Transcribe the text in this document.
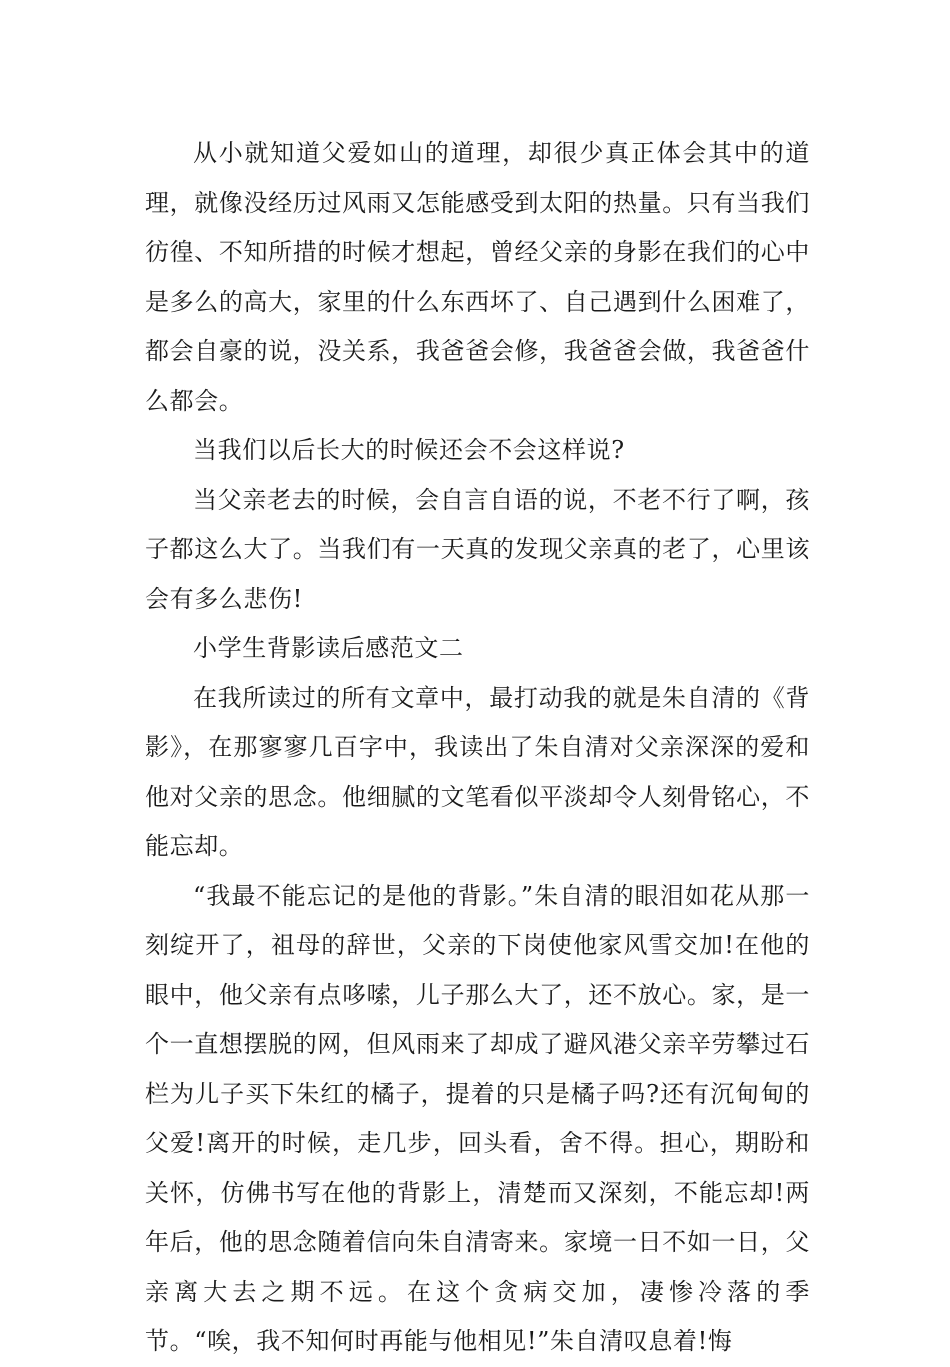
从小就知道父爱如山的道理，却很少真正体会其中的道理，就像没经历过风雨又怎能感受到太阳的热量。只有当我们彷徨、不知所措的时候才想起，曾经父亲的身影在我们的心中是多么的高大，家里的什么东西坏了、自己遇到什么困难了，都会自豪的说，没关系，我爸爸会修，我爸爸会做，我爸爸什么都会。

当我们以后长大的时候还会不会这样说?

当父亲老去的时候，会自言自语的说，不老不行了啊，孩子都这么大了。当我们有一天真的发现父亲真的老了，心里该会有多么悲伤!

小学生背影读后感范文二

在我所读过的所有文章中，最打动我的就是朱自清的《背影》，在那寥寥几百字中，我读出了朱自清对父亲深深的爱和他对父亲的思念。他细腻的文笔看似平淡却令人刻骨铭心，不能忘却。

“我最不能忘记的是他的背影。”朱自清的眼泪如花从那一刻绽开了，祖母的辞世，父亲的下岗使他家风雪交加!在他的眼中，他父亲有点哆嗦，儿子那么大了，还不放心。家，是一个一直想摆脱的网，但风雨来了却成了避风港父亲辛劳攀过石栏为儿子买下朱红的橘子，提着的只是橘子吗?还有沉甸甸的父爱!离开的时候，走几步，回头看，舍不得。担心，期盼和关怀，仿佛书写在他的背影上，清楚而又深刻，不能忘却!两年后，他的思念随着信向朱自清寄来。家境一日不如一日，父亲离大去之期不远。在这个贪病交加，凄惨冷落的季节。“唉，我不知何时再能与他相见!”朱自清叹息着!悔
